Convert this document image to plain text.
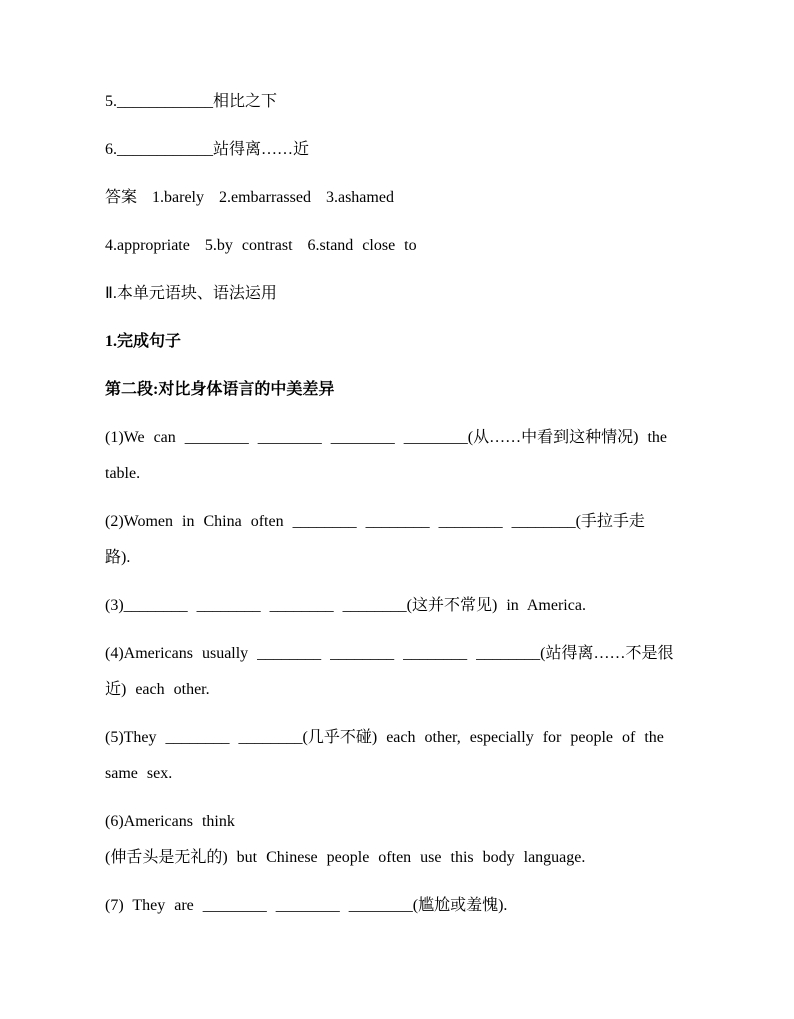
5.____________相比之下
6.____________站得离……近
答案 1.barely 2.embarrassed 3.ashamed
4.appropriate 5.by contrast 6.stand close to
Ⅱ.本单元语块、语法运用
1.完成句子
第二段:对比身体语言的中美差异
(1)We can ________ ________ ________ ________(从……中看到这种情况) the
table.
(2)Women in China often ________ ________ ________ ________(手拉手走
路).
(3)________ ________ ________ ________(这并不常见) in America.
(4)Americans usually ________ ________ ________ ________(站得离……不是很
近) each other.
(5)They ________ ________(几乎不碰) each other, especially for people of the
same sex.
(6)Americans think
(伸舌头是无礼的) but Chinese people often use this body language.
(7) They are ________ ________ ________(尴尬或羞愧).
